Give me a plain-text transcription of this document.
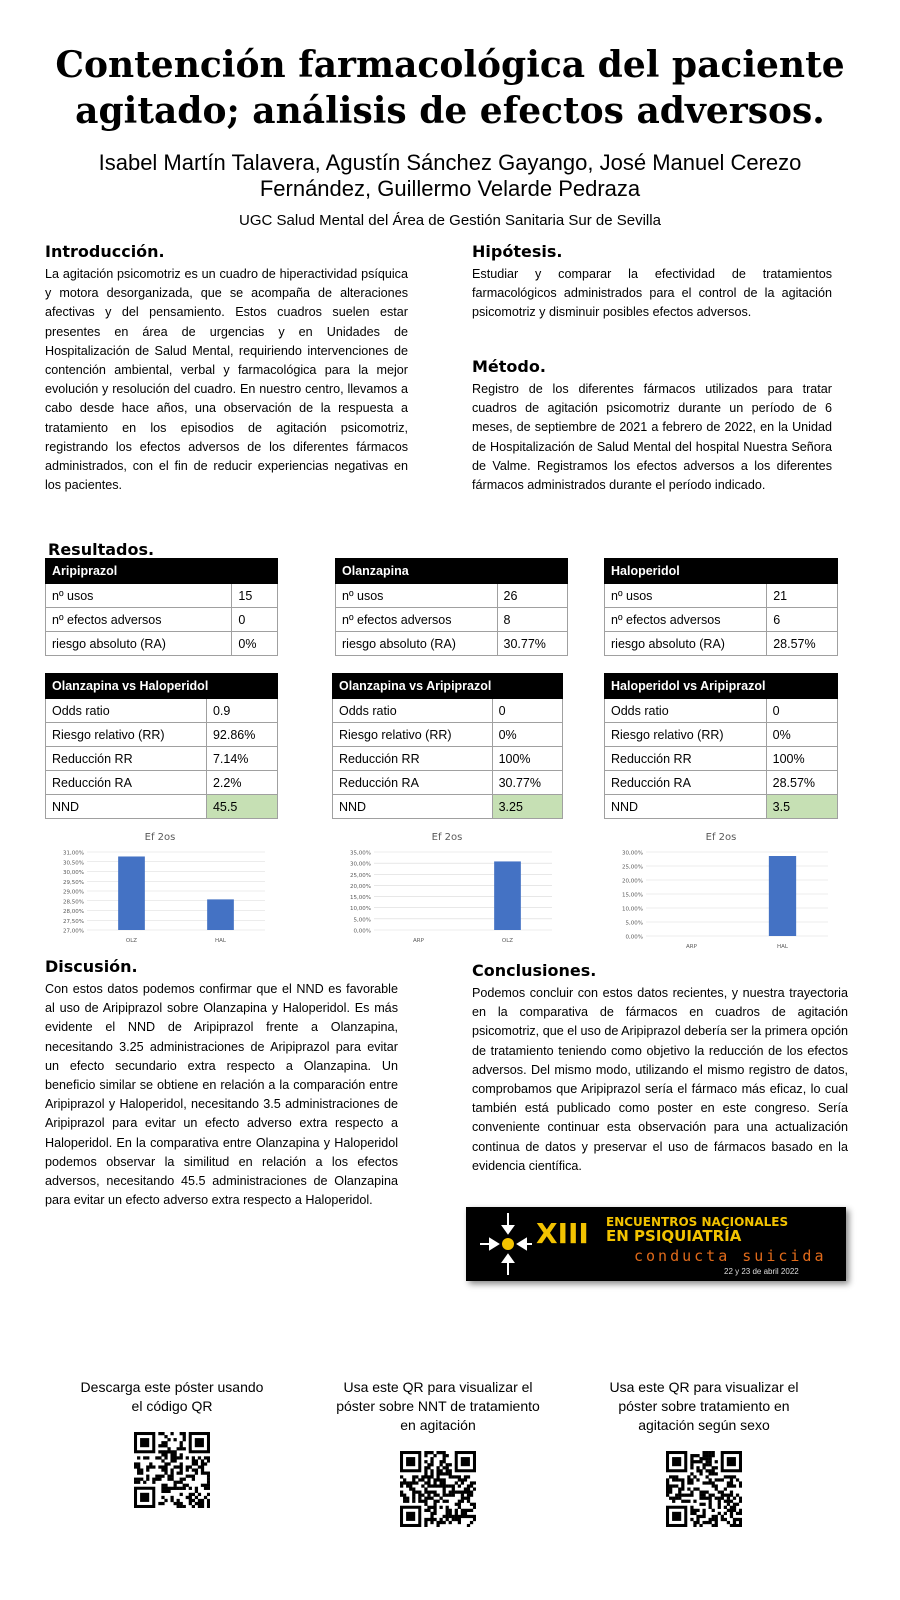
Contención farmacológica del paciente agitado; análisis de efectos adversos.
Isabel Martín Talavera, Agustín Sánchez Gayango, José Manuel Cerezo Fernández, Guillermo Velarde Pedraza
UGC Salud Mental del Área de Gestión Sanitaria Sur de Sevilla
Introducción.

La agitación psicomotriz es un cuadro de hiperactividad psíquica y motora desorganizada, que se acompaña de alteraciones afectivas y del pensamiento. Estos cuadros suelen estar presentes en área de urgencias y en Unidades de Hospitalización de Salud Mental, requiriendo intervenciones de contención ambiental, verbal y farmacológica para la mejor evolución y resolución del cuadro. En nuestro centro, llevamos a cabo desde hace años, una observación de la respuesta a tratamiento en los episodios de agitación psicomotriz, registrando los efectos adversos de los diferentes fármacos administrados, con el fin de reducir experiencias negativas en los pacientes.

Hipótesis.

Estudiar y comparar la efectividad de tratamientos farmacológicos administrados para el control de la agitación psicomotriz y disminuir posibles efectos adversos.

Método.

Registro de los diferentes fármacos utilizados para tratar cuadros de agitación psicomotriz durante un período de 6 meses, de septiembre de 2021 a febrero de 2022, en la Unidad de Hospitalización de Salud Mental del hospital Nuestra Señora de Valme. Registramos los efectos adversos a los diferentes fármacos administrados durante el período indicado.

Resultados.
Aripiprazol	
nº usos	15
nº efectos adversos	0
riesgo absoluto (RA)	0%
Olanzapina	
nº usos	26
nº efectos adversos	8
riesgo absoluto (RA)	30.77%
Haloperidol	
nº usos	21
nº efectos adversos	6
riesgo absoluto (RA)	28.57%
Olanzapina vs Haloperidol	
Odds ratio	0.9
Riesgo relativo (RR)	92.86%
Reducción RR	7.14%
Reducción RA	2.2%
NND	45.5
Olanzapina vs Aripiprazol	
Odds ratio	0
Riesgo relativo (RR)	0%
Reducción RR	100%
Reducción RA	30.77%
NND	3.25
Haloperidol vs Aripiprazol	
Odds ratio	0
Riesgo relativo (RR)	0%
Reducción RR	100%
Reducción RA	28.57%
NND	3.5
Ef 2os
27,00%
27,50%
28,00%
28,50%
29,00%
29,50%
30,00%
30,50%
31,00%
OLZ	HAL
Ef 2os
0,00%
5,00%
10,00%
15,00%
20,00%
25,00%
30,00%
35,00%
ARP	OLZ
Ef 2os
0,00%
5,00%
10,00%
15,00%
20,00%
25,00%
30,00%
ARP	HAL
Discusión.

Con estos datos podemos confirmar que el NND es favorable al uso de Aripiprazol sobre Olanzapina y Haloperidol. Es más evidente el NND de Aripiprazol frente a Olanzapina, necesitando 3.25 administraciones de Aripiprazol para evitar un efecto secundario extra respecto a Olanzapina. Un beneficio similar se obtiene en relación a la comparación entre Aripiprazol y Haloperidol, necesitando 3.5 administraciones de Aripiprazol para evitar un efecto adverso extra respecto a Haloperidol. En la comparativa entre Olanzapina y Haloperidol podemos observar la similitud en relación a los efectos adversos, necesitando 45.5 administraciones de Olanzapina para evitar un efecto adverso extra respecto a Haloperidol.

Conclusiones.

Podemos concluir con estos datos recientes, y nuestra trayectoria en la comparativa de fármacos en cuadros de agitación psicomotriz, que el uso de Aripiprazol debería ser la primera opción de tratamiento teniendo como objetivo la reducción de los efectos adversos. Del mismo modo, utilizando el mismo registro de datos, comprobamos que Aripiprazol sería el fármaco más eficaz, lo cual también está publicado como poster en este congreso. Sería conveniente continuar esta observación para una actualización continua de datos y preservar el uso de fármacos basado en la evidencia científica.

XIII ENCUENTROS NACIONALES
EN PSIQUIATRÍA
conducta suicida
22 y 23 de abril 2022
Descarga este póster usando el código QR
Usa este QR para visualizar el póster sobre NNT de tratamiento en agitación
Usa este QR para visualizar el póster sobre tratamiento en agitación según sexo
